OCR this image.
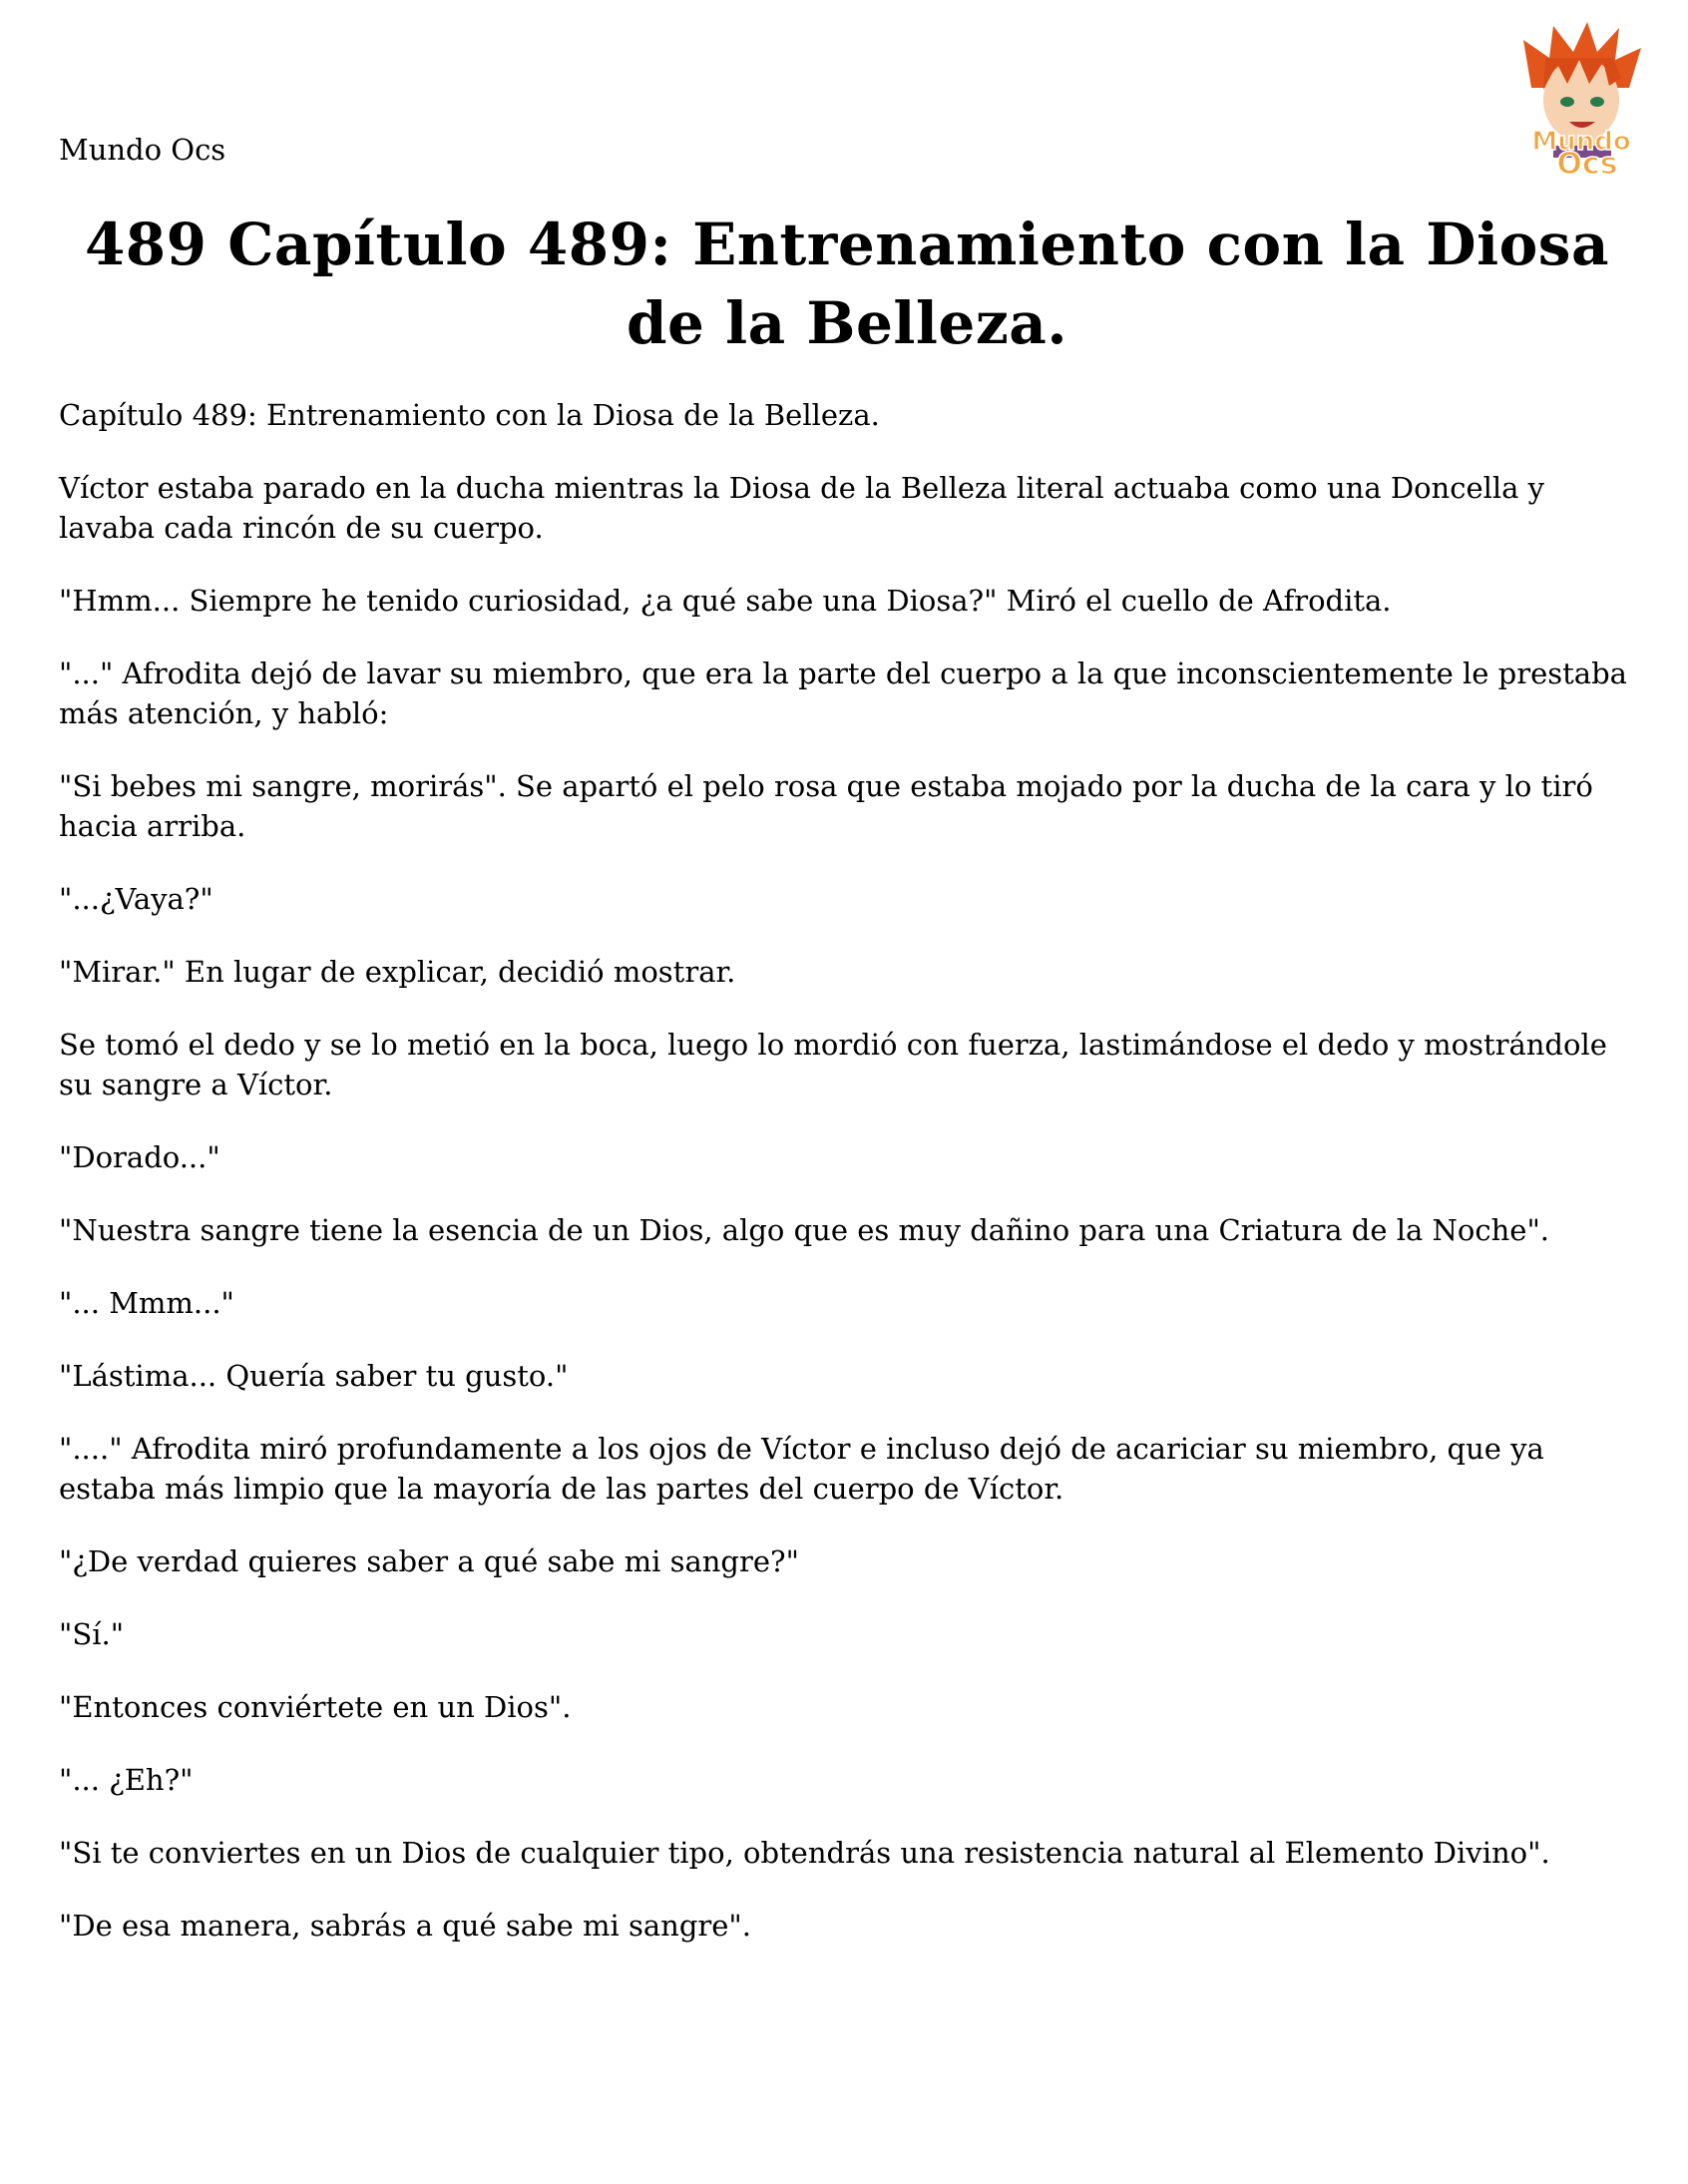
Mundo Ocs	Mundo
Ocs
489 Capítulo 489: Entrenamiento con la Diosa de la Belleza.

Capítulo 489: Entrenamiento con la Diosa de la Belleza.

Víctor estaba parado en la ducha mientras la Diosa de la Belleza literal actuaba como una Doncella y lavaba cada rincón de su cuerpo.

"Hmm... Siempre he tenido curiosidad, ¿a qué sabe una Diosa?" Miró el cuello de Afrodita.

"..." Afrodita dejó de lavar su miembro, que era la parte del cuerpo a la que inconscientemente le prestaba más atención, y habló:

"Si bebes mi sangre, morirás". Se apartó el pelo rosa que estaba mojado por la ducha de la cara y lo tiró hacia arriba.

"...¿Vaya?"

"Mirar." En lugar de explicar, decidió mostrar.

Se tomó el dedo y se lo metió en la boca, luego lo mordió con fuerza, lastimándose el dedo y mostrándole su sangre a Víctor.

"Dorado..."

"Nuestra sangre tiene la esencia de un Dios, algo que es muy dañino para una Criatura de la Noche".

"... Mmm..."

"Lástima... Quería saber tu gusto."

"...." Afrodita miró profundamente a los ojos de Víctor e incluso dejó de acariciar su miembro, que ya estaba más limpio que la mayoría de las partes del cuerpo de Víctor.

"¿De verdad quieres saber a qué sabe mi sangre?"

"Sí."

"Entonces conviértete en un Dios".

"... ¿Eh?"

"Si te conviertes en un Dios de cualquier tipo, obtendrás una resistencia natural al Elemento Divino".

"De esa manera, sabrás a qué sabe mi sangre".
